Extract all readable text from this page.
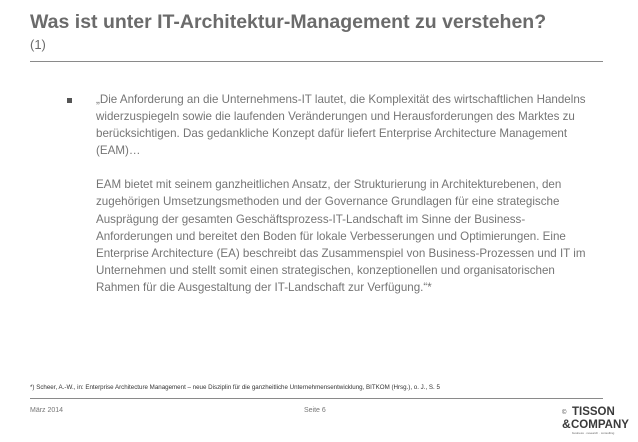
Was ist unter IT-Architektur-Management zu verstehen?
(1)

„Die Anforderung an die Unternehmens-IT lautet, die Komplexität des wirtschaftlichen Handelns widerzuspiegeln sowie die laufenden Veränderungen und Herausforderungen des Marktes zu berücksichtigen. Das gedankliche Konzept dafür liefert Enterprise Architecture Management (EAM)…

EAM bietet mit seinem ganzheitlichen Ansatz, der Strukturierung in Architekturebenen, den zugehörigen Umsetzungsmethoden und der Governance Grundlagen für eine strategische Ausprägung der gesamten Geschäftsprozess-IT-Landschaft im Sinne der Business-Anforderungen und bereitet den Boden für lokale Verbesserungen und Optimierungen. Eine Enterprise Architecture (EA) beschreibt das Zusammenspiel von Business-Prozessen und IT im Unternehmen und stellt somit einen strategischen, konzeptionellen und organisatorischen Rahmen für die Ausgestaltung der IT-Landschaft zur Verfügung.“*

*) Scheer, A.-W., in: Enterprise Architecture Management – neue Disziplin für die ganzheitliche Unternehmensentwicklung, BITKOM (Hrsg.), o. J., S. 5
März 2014	Seite 6	© TISSON
& COMPANY
business · research · consulting
